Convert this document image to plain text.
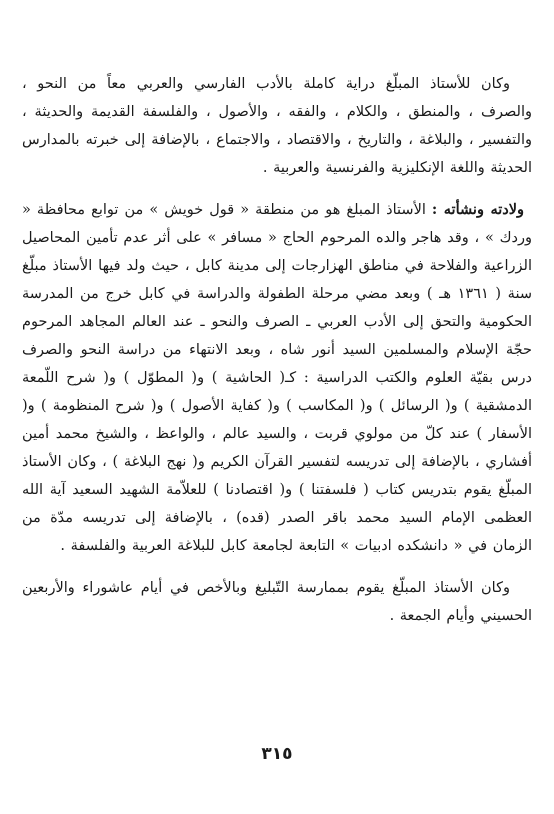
وكان للأستاذ المبلّغ دراية كاملة بالأدب الفارسي والعربي معاً من النحو ، والصرف ، والمنطق ، والكلام ، والفقه ، والأصول ، والفلسفة القديمة والحديثة ، والتفسير ، والبلاغة ، والتاريخ ، والاقتصاد ، والاجتماع ، بالإضافة إلى خبرته بالمدارس الحديثة واللغة الإنكليزية والفرنسية والعربية .

ولادته ونشأته : الأستاذ المبلغ هو من منطقة « قول خويش » من توابع محافظة « وردك » ، وقد هاجر والده المرحوم الحاج « مسافر » على أثر عدم تأمين المحاصيل الزراعية والفلاحة في مناطق الهزارجات إلى مدينة كابل ، حيث ولد فيها الأستاذ مبلّغ سنة ( ١٣٦١ هـ ) وبعد مضي مرحلة الطفولة والدراسة في كابل خرج من المدرسة الحكومية والتحق إلى الأدب العربي ـ الصرف والنحو ـ عند العالم المجاهد المرحوم حجّة الإسلام والمسلمين السيد أنور شاه ، وبعد الانتهاء من دراسة النحو والصرف درس بقيّة العلوم والكتب الدراسية : كـ( الحاشية ) و( المطوّل ) و( شرح اللّمعة الدمشقية ) و( الرسائل ) و( المكاسب ) و( كفاية الأصول ) و( شرح المنظومة ) و( الأسفار ) عند كلّ من مولوي قربت ، والسيد عالم ، والواعظ ، والشيخ محمد أمين أفشاري ، بالإضافة إلى تدريسه لتفسير القرآن الكريم و( نهج البلاغة ) ، وكان الأستاذ المبلّغ يقوم بتدريس كتاب ( فلسفتنا ) و( اقتصادنا ) للعلاّمة الشهيد السعيد آية الله العظمى الإمام السيد محمد باقر الصدر (قده) ، بالإضافة إلى تدريسه مدّة من الزمان في « دانشكده ادبيات » التابعة لجامعة كابل للبلاغة العربية والفلسفة .

وكان الأستاذ المبلّغ يقوم بممارسة التّبليغ وبالأخص في أيام عاشوراء والأربعين الحسيني وأيام الجمعة .

٣١٥
